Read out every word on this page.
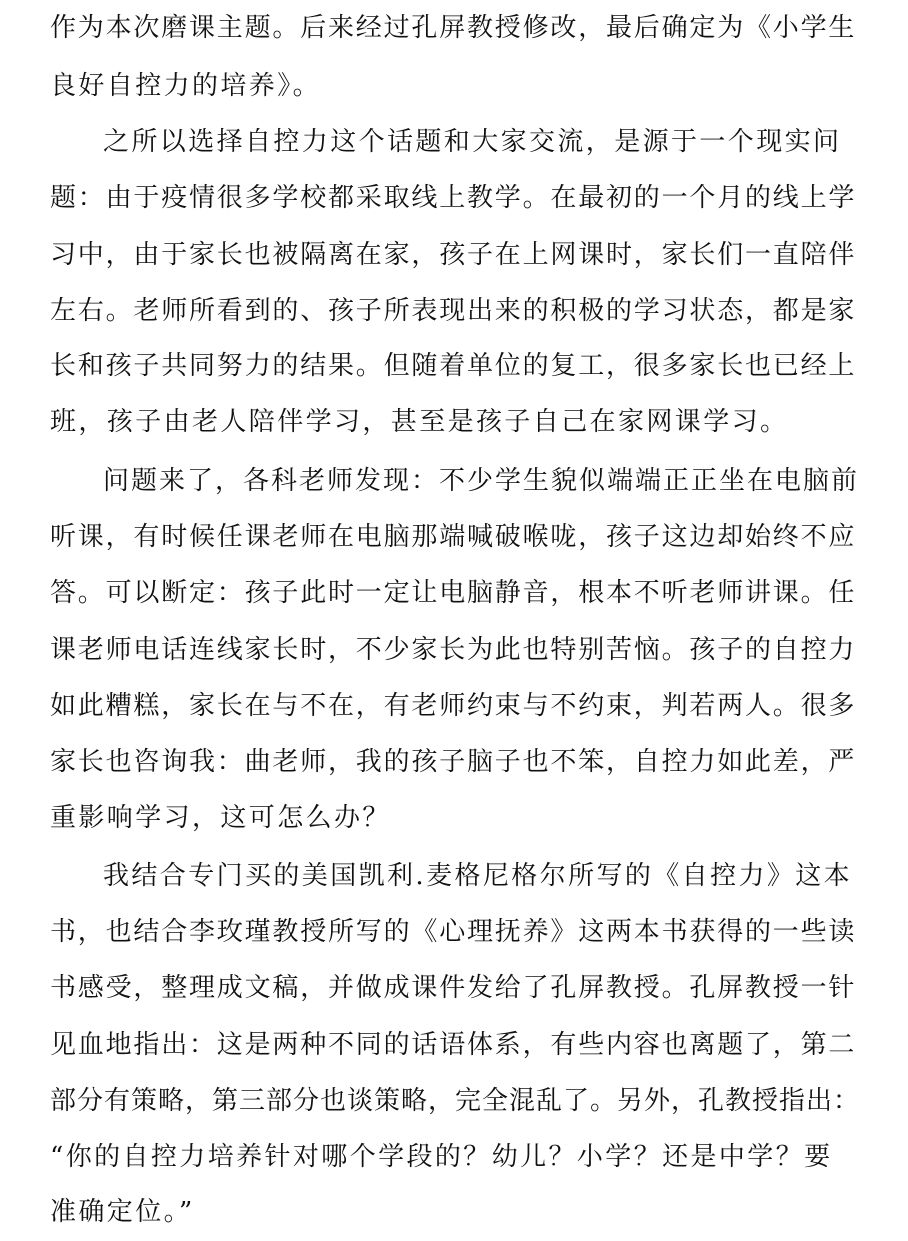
作为本次磨课主题。后来经过孔屏教授修改，最后确定为《小学生
良好自控力的培养》。
之所以选择自控力这个话题和大家交流，是源于一个现实问
题：由于疫情很多学校都采取线上教学。在最初的一个月的线上学
习中，由于家长也被隔离在家，孩子在上网课时，家长们一直陪伴
左右。老师所看到的、孩子所表现出来的积极的学习状态，都是家
长和孩子共同努力的结果。但随着单位的复工，很多家长也已经上
班，孩子由老人陪伴学习，甚至是孩子自己在家网课学习。
问题来了，各科老师发现：不少学生貌似端端正正坐在电脑前
听课，有时候任课老师在电脑那端喊破喉咙，孩子这边却始终不应
答。可以断定：孩子此时一定让电脑静音，根本不听老师讲课。任
课老师电话连线家长时，不少家长为此也特别苦恼。孩子的自控力
如此糟糕，家长在与不在，有老师约束与不约束，判若两人。很多
家长也咨询我：曲老师，我的孩子脑子也不笨，自控力如此差，严
重影响学习，这可怎么办？
我结合专门买的美国凯利.麦格尼格尔所写的《自控力》这本
书，也结合李玫瑾教授所写的《心理抚养》这两本书获得的一些读
书感受，整理成文稿，并做成课件发给了孔屏教授。孔屏教授一针
见血地指出：这是两种不同的话语体系，有些内容也离题了，第二
部分有策略，第三部分也谈策略，完全混乱了。另外，孔教授指出：
“你的自控力培养针对哪个学段的？幼儿？小学？还是中学？要
准确定位。”
